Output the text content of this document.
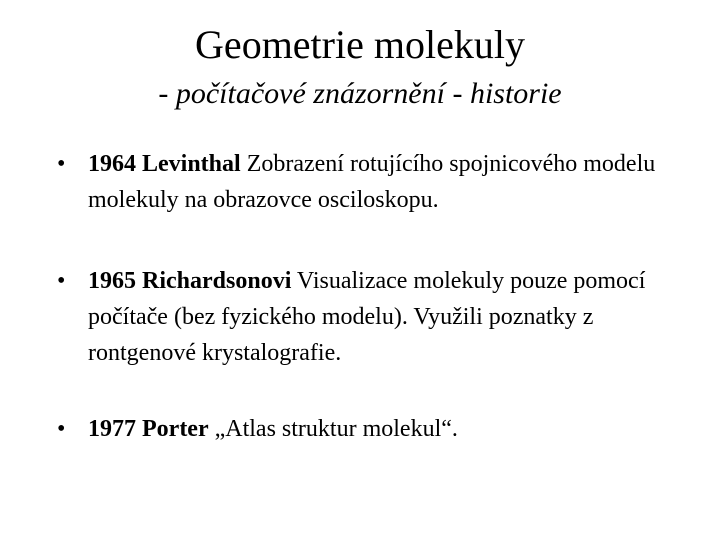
Geometrie molekuly
- počítačové znázornění - historie
• 1964 Levinthal Zobrazení rotujícího spojnicového modelu molekuly na obrazovce osciloskopu.
• 1965 Richardsonovi Visualizace molekuly pouze pomocí počítače (bez fyzického modelu). Využili poznatky z rontgenové krystalografie.
• 1977 Porter „Atlas struktur molekul“.
